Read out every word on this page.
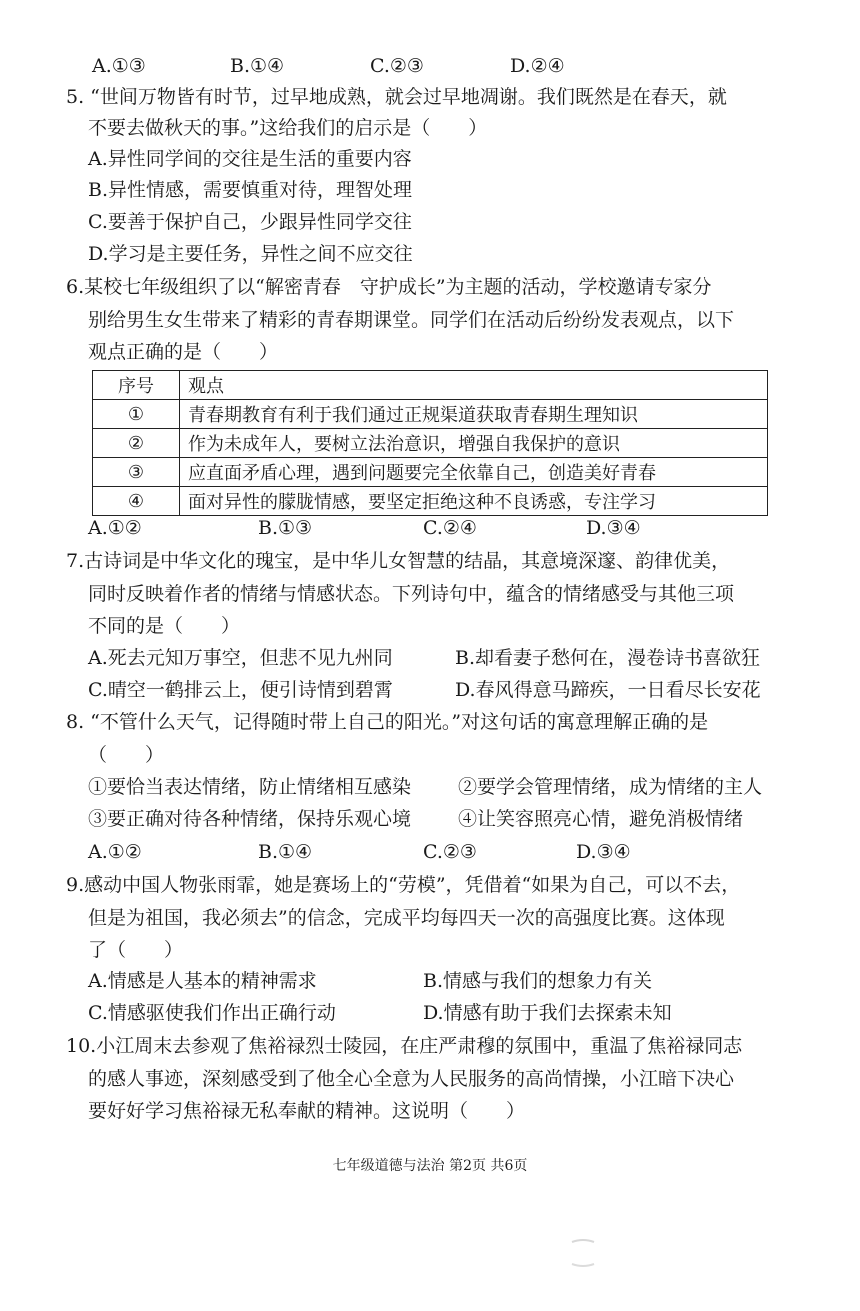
A.①③	B.①④	C.②③	D.②④
5. “世间万物皆有时节，过早地成熟，就会过早地凋谢。我们既然是在春天，就
不要去做秋天的事。”这给我们的启示是（　　）
A.异性同学间的交往是生活的重要内容
B.异性情感，需要慎重对待，理智处理
C.要善于保护自己，少跟异性同学交往
D.学习是主要任务，异性之间不应交往
6.某校七年级组织了以“解密青春　守护成长”为主题的活动，学校邀请专家分
别给男生女生带来了精彩的青春期课堂。同学们在活动后纷纷发表观点，以下
观点正确的是（　　）
序号	观点
①	青春期教育有利于我们通过正规渠道获取青春期生理知识
②	作为未成年人，要树立法治意识，增强自我保护的意识
③	应直面矛盾心理，遇到问题要完全依靠自己，创造美好青春
④	面对异性的朦胧情感，要坚定拒绝这种不良诱惑，专注学习
A.①②	B.①③	C.②④	D.③④
7.古诗词是中华文化的瑰宝，是中华儿女智慧的结晶，其意境深邃、韵律优美，
同时反映着作者的情绪与情感状态。下列诗句中，蕴含的情绪感受与其他三项
不同的是（　　）
A.死去元知万事空，但悲不见九州同	B.却看妻子愁何在，漫卷诗书喜欲狂
C.晴空一鹤排云上，便引诗情到碧霄	D.春风得意马蹄疾，一日看尽长安花
8. “不管什么天气，记得随时带上自己的阳光。”对这句话的寓意理解正确的是
（　　）
①要恰当表达情绪，防止情绪相互感染 ②要学会管理情绪，成为情绪的主人
③要正确对待各种情绪，保持乐观心境 ④让笑容照亮心情，避免消极情绪
A.①②	B.①④	C.②③	D.③④
9.感动中国人物张雨霏，她是赛场上的“劳模”，凭借着“如果为自己，可以不去，
但是为祖国，我必须去”的信念，完成平均每四天一次的高强度比赛。这体现
了（　　）
A.情感是人基本的精神需求	B.情感与我们的想象力有关
C.情感驱使我们作出正确行动	D.情感有助于我们去探索未知
10.小江周末去参观了焦裕禄烈士陵园，在庄严肃穆的氛围中，重温了焦裕禄同志
的感人事迹，深刻感受到了他全心全意为人民服务的高尚情操，小江暗下决心
要好好学习焦裕禄无私奉献的精神。这说明（　　）
七年级道德与法治 第2页 共6页
